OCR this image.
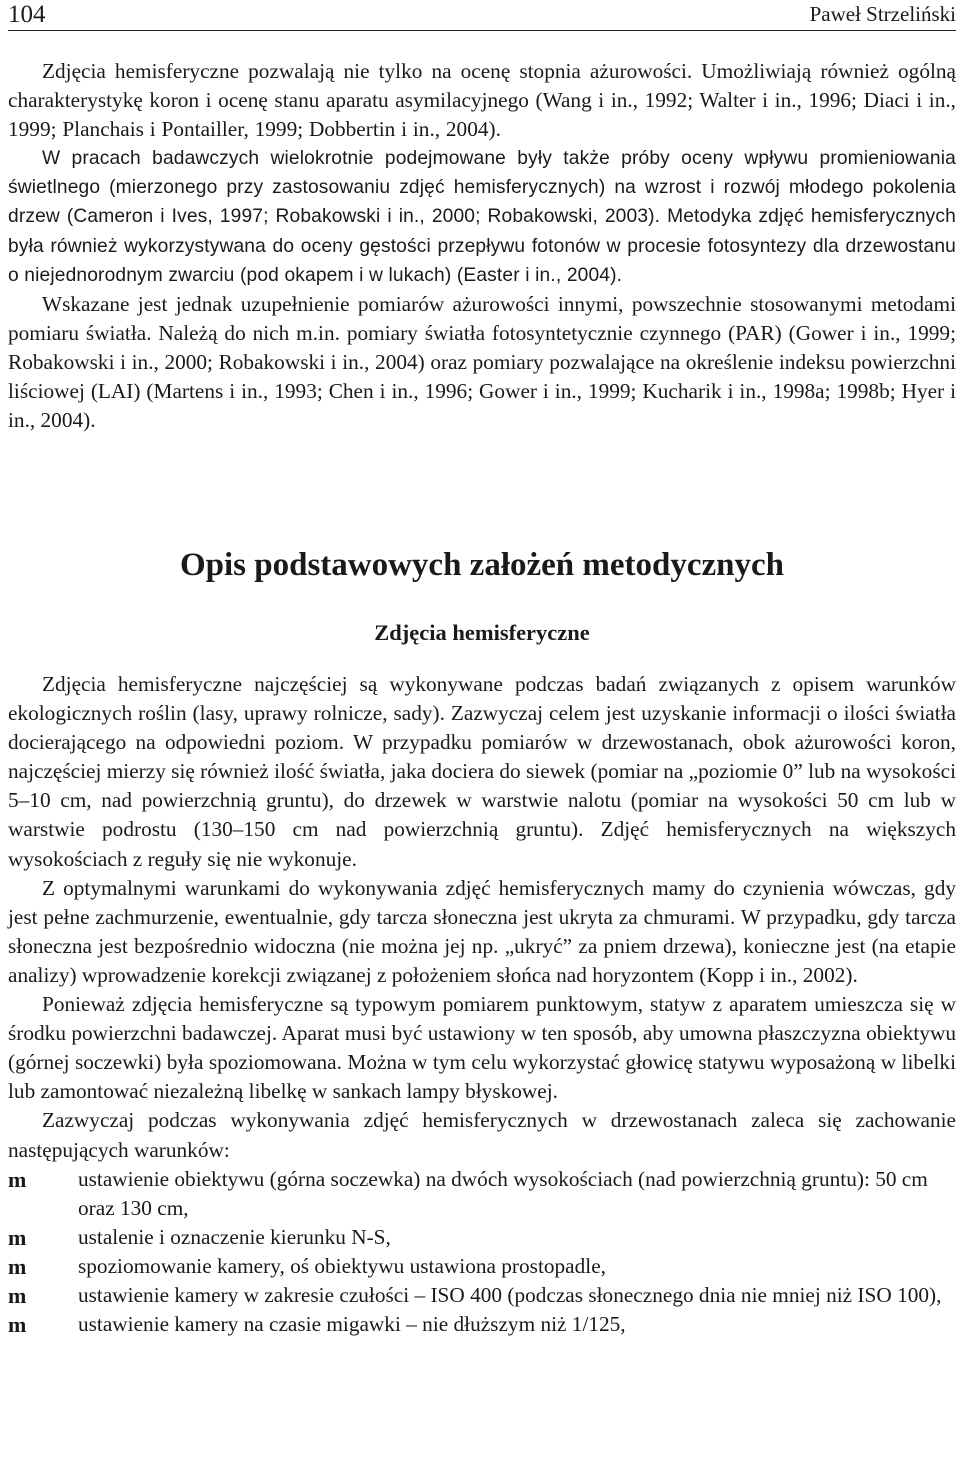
104	Paweł Strzeliński

Zdjęcia hemisferyczne pozwalają nie tylko na ocenę stopnia ażurowości. Umożliwiają również ogólną charakterystykę koron i ocenę stanu aparatu asymilacyjnego (Wang i in., 1992; Walter i in., 1996; Diaci i in., 1999; Planchais i Pontailler, 1999; Dobbertin i in., 2004).

W pracach badawczych wielokrotnie podejmowane były także próby oceny wpływu promieniowania świetlnego (mierzonego przy zastosowaniu zdjęć hemisferycznych) na wzrost i rozwój młodego pokolenia drzew (Cameron i Ives, 1997; Robakowski i in., 2000; Robakowski, 2003). Metodyka zdjęć hemisferycznych była również wykorzystywana do oceny gęstości przepływu fotonów w procesie fotosyntezy dla drzewostanu o niejednorodnym zwarciu (pod okapem i w lukach) (Easter i in., 2004).

Wskazane jest jednak uzupełnienie pomiarów ażurowości innymi, powszechnie stosowanymi metodami pomiaru światła. Należą do nich m.in. pomiary światła fotosyntetycznie czynnego (PAR) (Gower i in., 1999; Robakowski i in., 2000; Robakowski i in., 2004) oraz pomiary pozwalające na określenie indeksu powierzchni liściowej (LAI) (Martens i in., 1993; Chen i in., 1996; Gower i in., 1999; Kucharik i in., 1998a; 1998b; Hyer i in., 2004).

Opis podstawowych założeń metodycznych
Zdjęcia hemisferyczne

Zdjęcia hemisferyczne najczęściej są wykonywane podczas badań związanych z opisem warunków ekologicznych roślin (lasy, uprawy rolnicze, sady). Zazwyczaj celem jest uzyskanie informacji o ilości światła docierającego na odpowiedni poziom. W przypadku pomiarów w drzewostanach, obok ażurowości koron, najczęściej mierzy się również ilość światła, jaka dociera do siewek (pomiar na „poziomie 0” lub na wysokości 5–10 cm, nad powierzchnią gruntu), do drzewek w warstwie nalotu (pomiar na wysokości 50 cm lub w warstwie podrostu (130–150 cm nad powierzchnią gruntu). Zdjęć hemisferycznych na większych wysokościach z reguły się nie wykonuje.

Z optymalnymi warunkami do wykonywania zdjęć hemisferycznych mamy do czynienia wówczas, gdy jest pełne zachmurzenie, ewentualnie, gdy tarcza słoneczna jest ukryta za chmurami. W przypadku, gdy tarcza słoneczna jest bezpośrednio widoczna (nie można jej np. „ukryć” za pniem drzewa), konieczne jest (na etapie analizy) wprowadzenie korekcji związanej z położeniem słońca nad horyzontem (Kopp i in., 2002).

Ponieważ zdjęcia hemisferyczne są typowym pomiarem punktowym, statyw z aparatem umieszcza się w środku powierzchni badawczej. Aparat musi być ustawiony w ten sposób, aby umowna płaszczyzna obiektywu (górnej soczewki) była spoziomowana. Można w tym celu wykorzystać głowicę statywu wyposażoną w libelki lub zamontować niezależną libelkę w sankach lampy błyskowej.

Zazwyczaj podczas wykonywania zdjęć hemisferycznych w drzewostanach zaleca się zachowanie następujących warunków:

m	ustawienie obiektywu (górna soczewka) na dwóch wysokościach (nad powierzchnią gruntu): 50 cm oraz 130 cm,
m	ustalenie i oznaczenie kierunku N-S,
m	spoziomowanie kamery, oś obiektywu ustawiona prostopadle,
m	ustawienie kamery w zakresie czułości – ISO 400 (podczas słonecznego dnia nie mniej niż ISO 100),
m	ustawienie kamery na czasie migawki – nie dłuższym niż 1/125,
